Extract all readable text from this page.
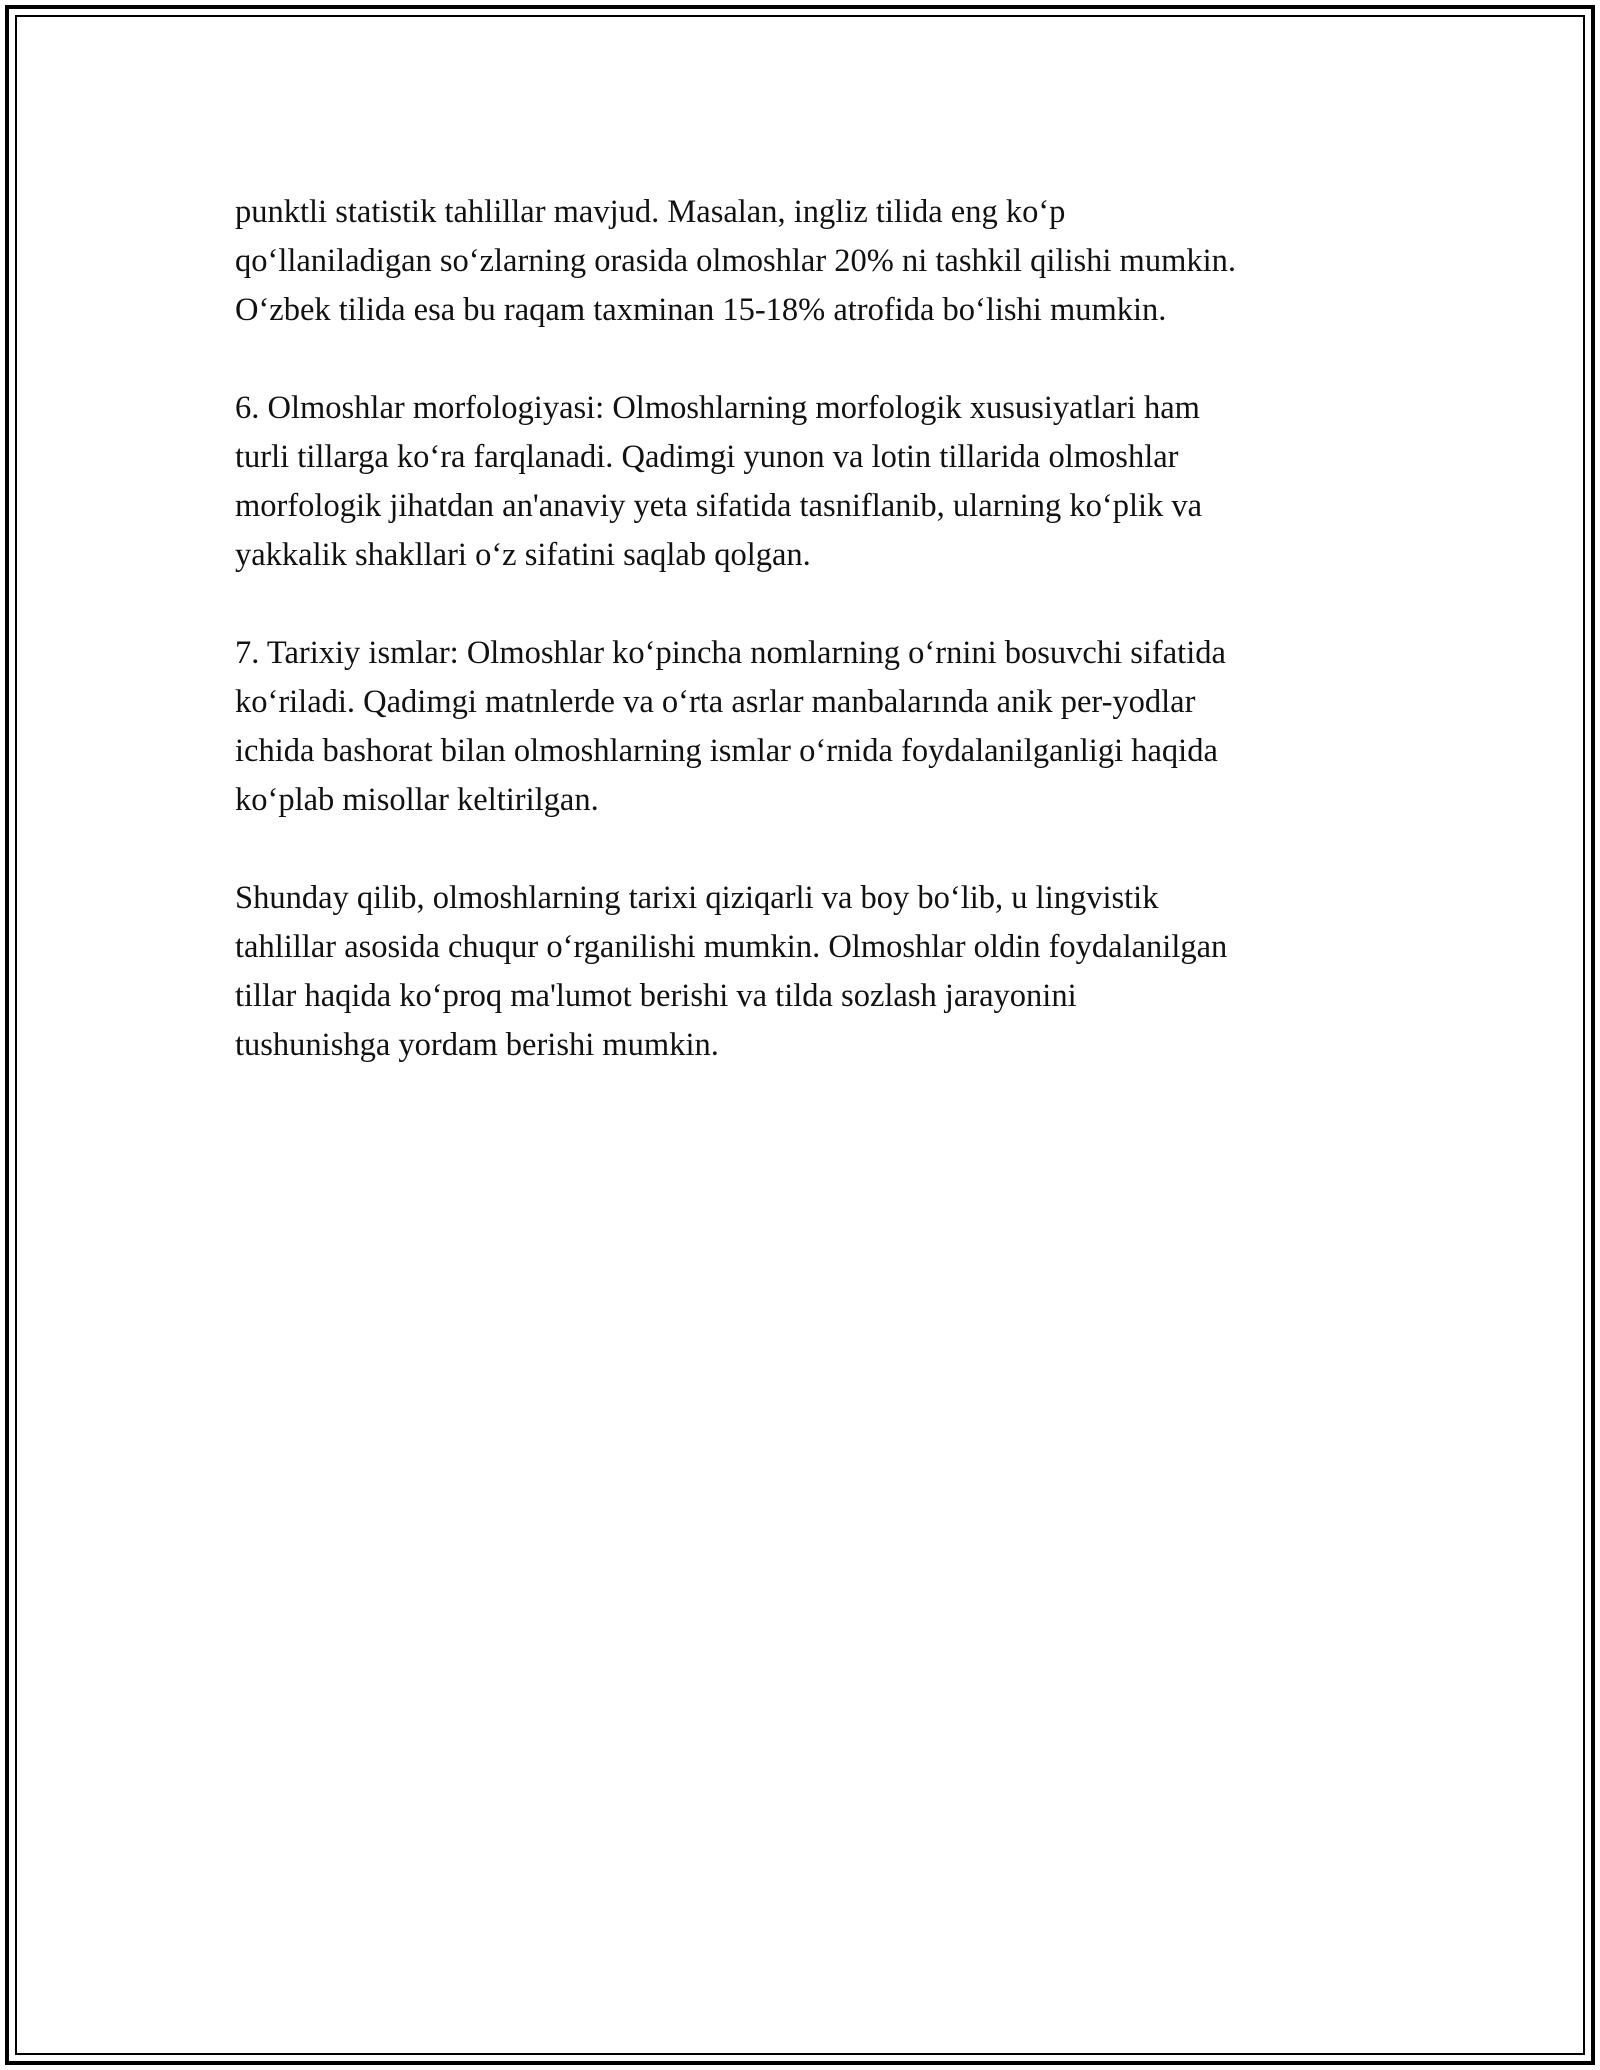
punktli statistik tahlillar mavjud. Masalan, ingliz tilida eng ko‘p
qo‘llaniladigan so‘zlarning orasida olmoshlar 20% ni tashkil qilishi mumkin.
O‘zbek tilida esa bu raqam taxminan 15-18% atrofida bo‘lishi mumkin.

6. Olmoshlar morfologiyasi: Olmoshlarning morfologik xususiyatlari ham
turli tillarga ko‘ra farqlanadi. Qadimgi yunon va lotin tillarida olmoshlar
morfologik jihatdan an'anaviy yeta sifatida tasniflanib, ularning ko‘plik va
yakkalik shakllari o‘z sifatini saqlab qolgan.

7. Tarixiy ismlar: Olmoshlar ko‘pincha nomlarning o‘rnini bosuvchi sifatida
ko‘riladi. Qadimgi matnlerde va o‘rta asrlar manbalarında anik per-yodlar
ichida bashorat bilan olmoshlarning ismlar o‘rnida foydalanilganligi haqida
ko‘plab misollar keltirilgan.

Shunday qilib, olmoshlarning tarixi qiziqarli va boy bo‘lib, u lingvistik
tahlillar asosida chuqur o‘rganilishi mumkin. Olmoshlar oldin foydalanilgan
tillar haqida ko‘proq ma'lumot berishi va tilda sozlash jarayonini
tushunishga yordam berishi mumkin.
